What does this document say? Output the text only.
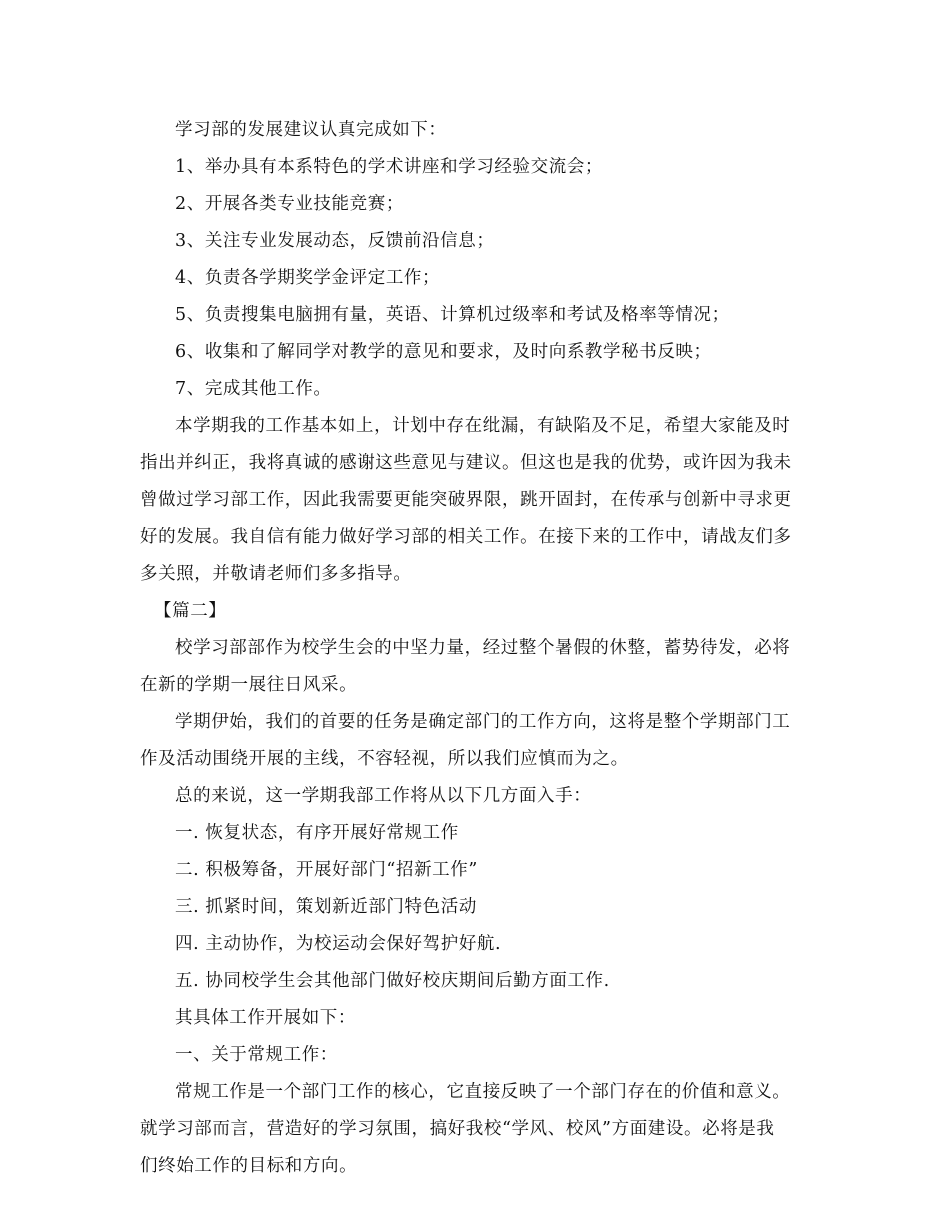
学习部的发展建议认真完成如下：
1、举办具有本系特色的学术讲座和学习经验交流会；
2、开展各类专业技能竞赛；
3、关注专业发展动态，反馈前沿信息；
4、负责各学期奖学金评定工作；
5、负责搜集电脑拥有量，英语、计算机过级率和考试及格率等情况；
6、收集和了解同学对教学的意见和要求，及时向系教学秘书反映；
7、完成其他工作。
本学期我的工作基本如上，计划中存在纰漏，有缺陷及不足，希望大家能及时
指出并纠正，我将真诚的感谢这些意见与建议。但这也是我的优势，或许因为我未
曾做过学习部工作，因此我需要更能突破界限，跳开固封，在传承与创新中寻求更
好的发展。我自信有能力做好学习部的相关工作。在接下来的工作中，请战友们多
多关照，并敬请老师们多多指导。
【篇二】
校学习部部作为校学生会的中坚力量，经过整个暑假的休整，蓄势待发，必将
在新的学期一展往日风采。
学期伊始，我们的首要的任务是确定部门的工作方向，这将是整个学期部门工
作及活动围绕开展的主线，不容轻视，所以我们应慎而为之。
总的来说，这一学期我部工作将从以下几方面入手：
一. 恢复状态，有序开展好常规工作
二. 积极筹备，开展好部门“招新工作”
三. 抓紧时间，策划新近部门特色活动
四. 主动协作，为校运动会保好驾护好航.
五. 协同校学生会其他部门做好校庆期间后勤方面工作.
其具体工作开展如下：
一、关于常规工作：
常规工作是一个部门工作的核心，它直接反映了一个部门存在的价值和意义。
就学习部而言，营造好的学习氛围，搞好我校“学风、校风”方面建设。必将是我
们终始工作的目标和方向。
